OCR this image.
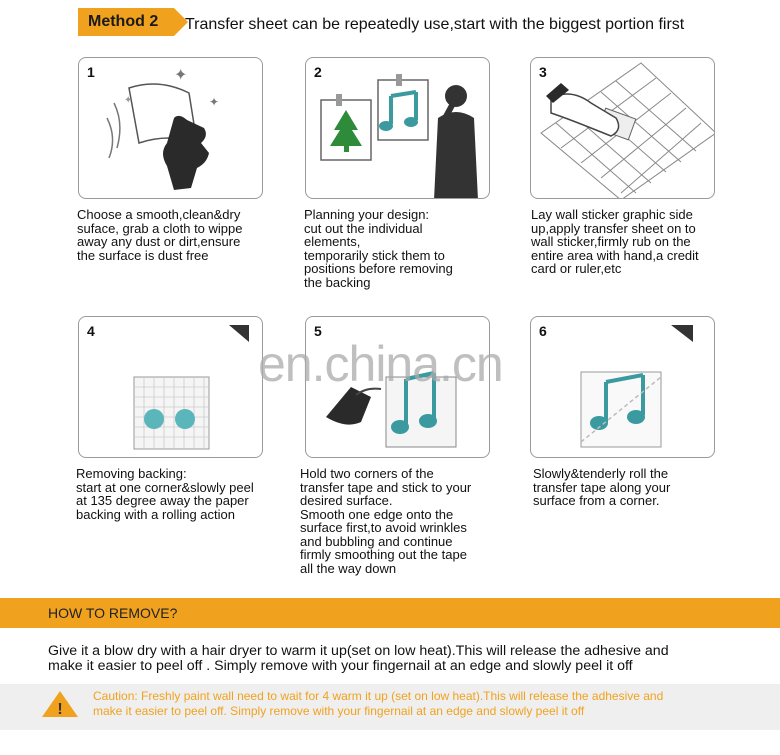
Method 2	Transfer sheet can be repeatedly use,start with the biggest portion first
1	✦
✦
✦
Choose a smooth,clean&dry
suface, grab a cloth to wippe
away any dust or dirt,ensure
the surface is dust free
2
Planning your design:
cut out the individual
elements,
temporarily stick them to
positions before removing
the backing
3
Lay wall sticker graphic side
up,apply transfer sheet on to
wall sticker,firmly rub on the
entire area with hand,a credit
card or ruler,etc
4
Removing backing:
start at one corner&slowly peel
at 135 degree away the paper
backing with a rolling action
5
Hold two corners of the
transfer tape and stick to your
desired surface.
Smooth one edge onto the
surface first,to avoid wrinkles
and bubbling and continue
firmly smoothing out the tape
all the way down
6
Slowly&tenderly roll the
transfer tape along your
surface from a corner.
en.china.cn
HOW TO REMOVE?
Give it a blow dry with a hair dryer to warm it up(set on low heat).This will release the adhesive and
make it easier to peel off . Simply remove with your fingernail at an edge and slowly peel it off
!
Caution: Freshly paint wall need to wait for 4 warm it up (set on low heat).This will release the adhesive and
make it easier to peel off. Simply remove with your fingernail at an edge and slowly peel it off
